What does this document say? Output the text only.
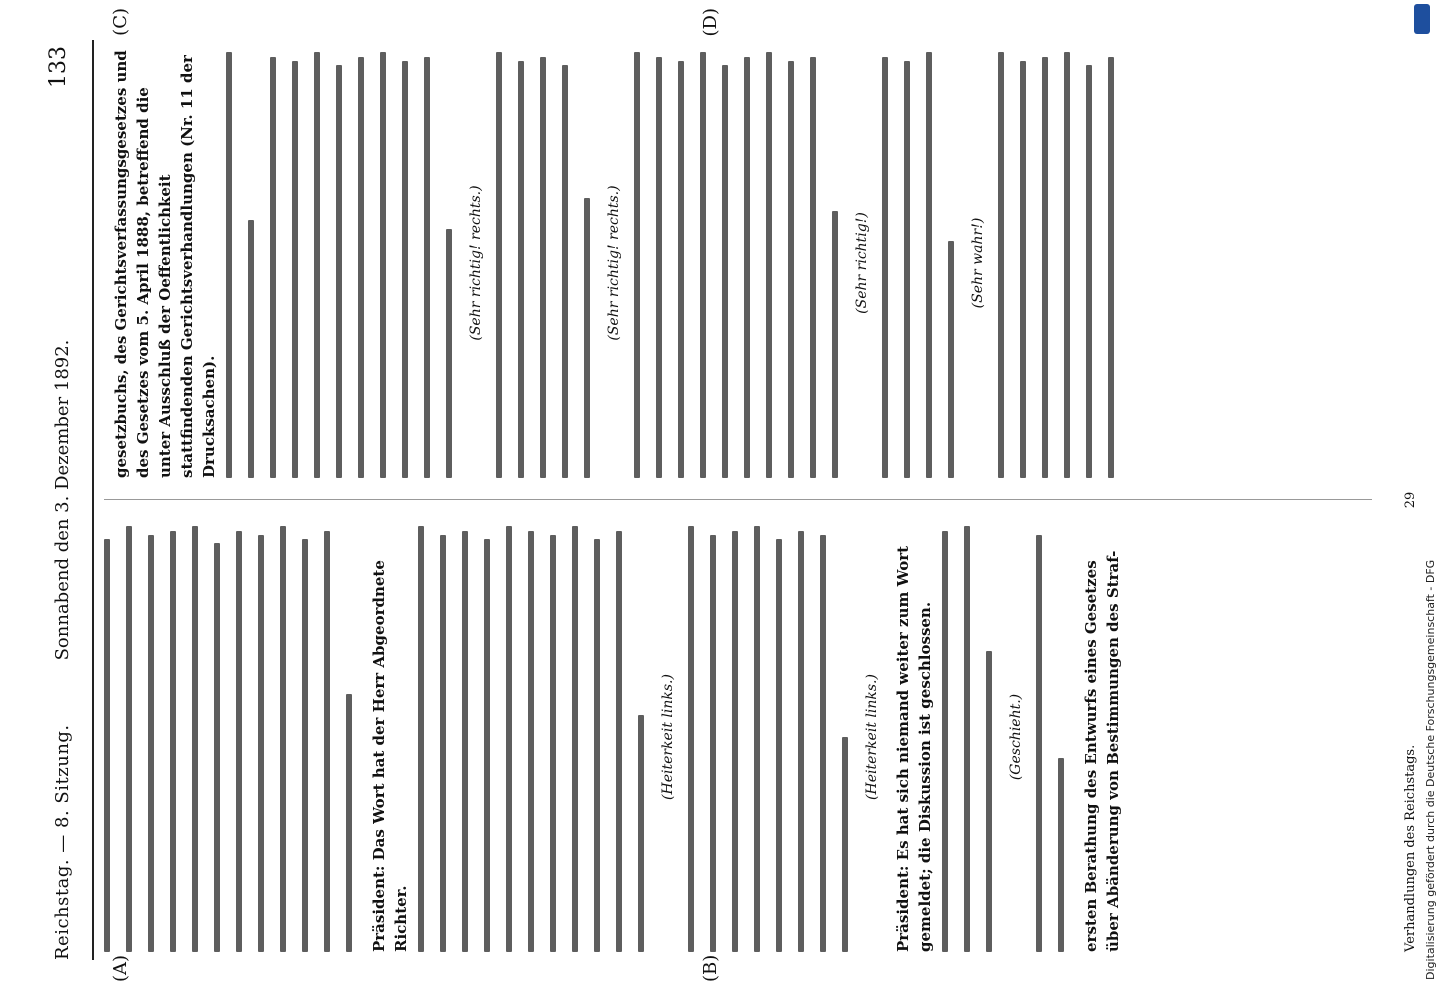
Reichstag. — 8. Sitzung.
Sonnabend den 3. Dezember 1892.
133
(A)	(B)
(C)	(D)
Präsident: Das Wort hat der Herr Abgeordnete Richter.
(Heiterkeit links.)	(Heiterkeit links.) Präsident: Es hat sich niemand weiter zum Wort gemeldet; die Diskussion ist geschlossen.	(Geschieht.)	ersten Berathung des Entwurfs eines Gesetzes über Abänderung von Bestimmungen des Straf-
gesetzbuchs, des Gerichtsverfassungsgesetzes und des Gesetzes vom 5. April 1888, betreffend die unter Ausschluß der Oeffentlichkeit stattfindenden Gerichtsverhandlungen (Nr. 11 der Drucksachen).
(Sehr richtig! rechts.)	(Sehr richtig! rechts.)	(Sehr richtig!)	(Sehr wahr!)
Verhandlungen des Reichstags.
29
Digitalisierung gefördert durch die Deutsche Forschungsgemeinschaft - DFG
